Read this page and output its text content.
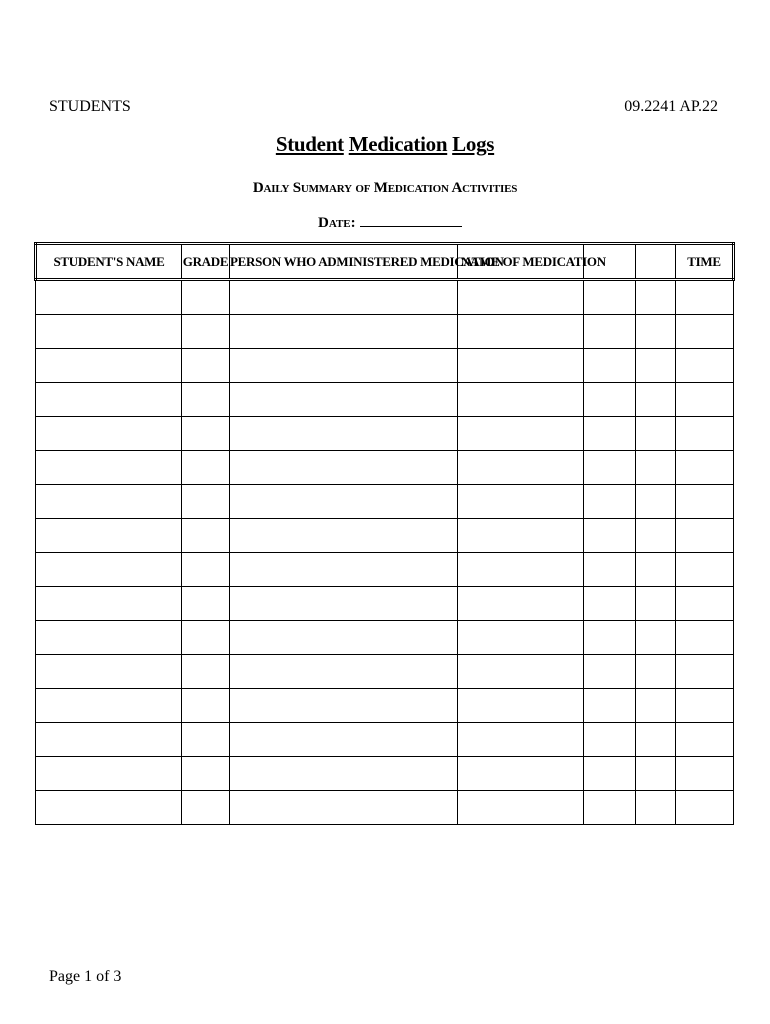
STUDENTS	09.2241 AP.22
Student Medication Logs
Daily Summary of Medication Activities
Date:
STUDENT'S NAME	GRADE	PERSON WHO ADMINISTERED MEDICATION	NAME OF MEDICATION			TIME

Page 1 of 3
